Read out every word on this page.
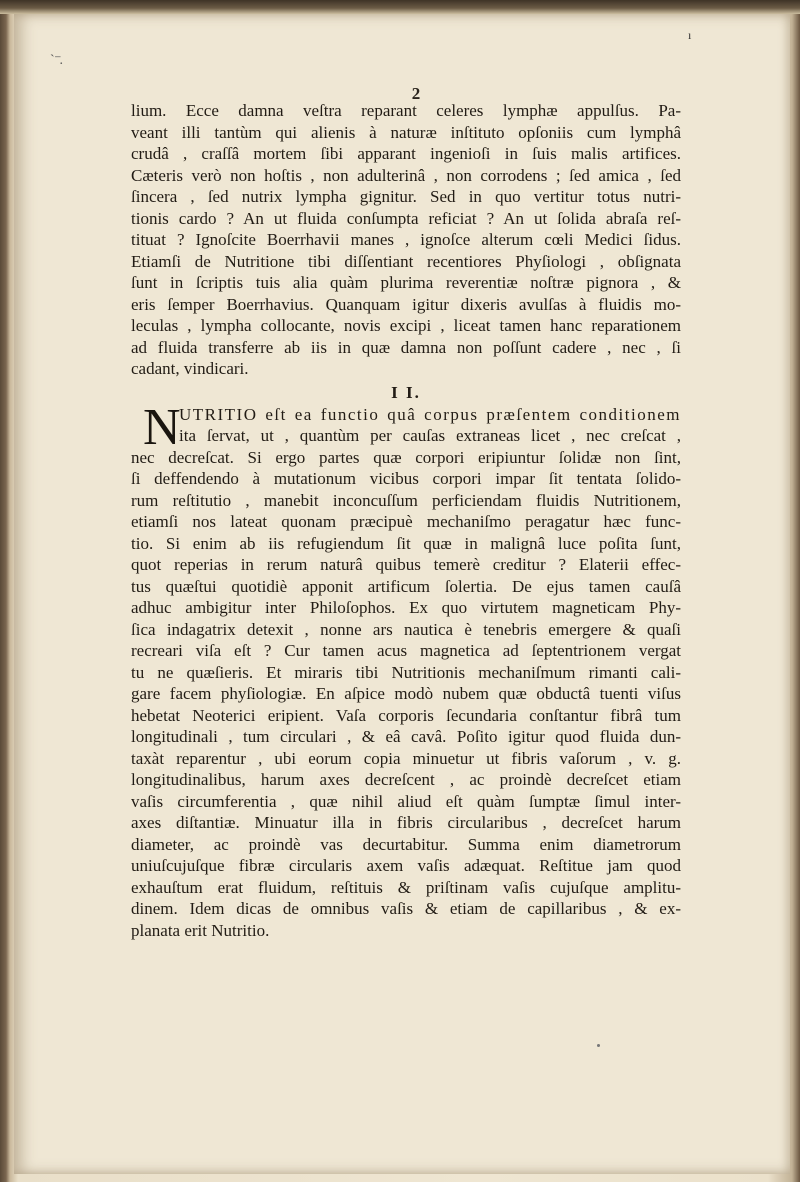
` ⁻.
ı
2
lium. Ecce damna veſtra reparant celeres lymphæ appulſus. Pa-
veant illi tantùm qui alienis à naturæ inſtituto opſoniis cum lymphâ
crudâ , craſſâ mortem ſibi apparant ingenioſi in ſuis malis artifices.
Cæteris verò non hoſtis , non adulterinâ , non corrodens ; ſed amica , ſed
ſincera , ſed nutrix lympha gignitur. Sed in quo vertitur totus nutri-
tionis cardo ? An ut fluida conſumpta reficiat ? An ut ſolida abraſa reſ-
tituat ? Ignoſcite Boerrhavii manes , ignoſce alterum cœli Medici ſidus.
Etiamſi de Nutritione tibi diſſentiant recentiores Phyſiologi , obſignata
ſunt in ſcriptis tuis alia quàm plurima reverentiæ noſtræ pignora , &
eris ſemper Boerrhavius. Quanquam igitur dixeris avulſas à fluidis mo-
leculas , lympha collocante, novis excipi , liceat tamen hanc reparationem
ad fluida transferre ab iis in quæ damna non poſſunt cadere , nec , ſi
cadant, vindicari.
I I.
N
UTRITIO eſt ea functio quâ corpus præſentem conditionem
ita ſervat, ut , quantùm per cauſas extraneas licet , nec creſcat ,
nec decreſcat. Si ergo partes quæ corpori eripiuntur ſolidæ non ſint,
ſi deffendendo à mutationum vicibus corpori impar ſit tentata ſolido-
rum reſtitutio , manebit inconcuſſum perficiendam fluidis Nutritionem,
etiamſi nos lateat quonam præcipuè mechaniſmo peragatur hæc func-
tio. Si enim ab iis refugiendum ſit quæ in malignâ luce poſita ſunt,
quot reperias in rerum naturâ quibus temerè creditur ? Elaterii effec-
tus quæſtui quotidiè apponit artificum ſolertia. De ejus tamen cauſâ
adhuc ambigitur inter Philoſophos. Ex quo virtutem magneticam Phy-
ſica indagatrix detexit , nonne ars nautica è tenebris emergere & quaſi
recreari viſa eſt ? Cur tamen acus magnetica ad ſeptentrionem vergat
tu ne quæſieris. Et miraris tibi Nutritionis mechaniſmum rimanti cali-
gare facem phyſiologiæ. En aſpice modò nubem quæ obductâ tuenti viſus
hebetat Neoterici eripient. Vaſa corporis ſecundaria conſtantur fibrâ tum
longitudinali , tum circulari , & eâ cavâ. Poſito igitur quod fluida dun-
taxàt reparentur , ubi eorum copia minuetur ut fibris vaſorum , v. g.
longitudinalibus, harum axes decreſcent , ac proindè decreſcet etiam
vaſis circumferentia , quæ nihil aliud eſt quàm ſumptæ ſimul inter-
axes diſtantiæ. Minuatur illa in fibris circularibus , decreſcet harum
diameter, ac proindè vas decurtabitur. Summa enim diametrorum
uniuſcujuſque fibræ circularis axem vaſis adæquat. Reſtitue jam quod
exhauſtum erat fluidum, reſtituis & priſtinam vaſis cujuſque amplitu-
dinem. Idem dicas de omnibus vaſis & etiam de capillaribus , & ex-
planata erit Nutritio.
